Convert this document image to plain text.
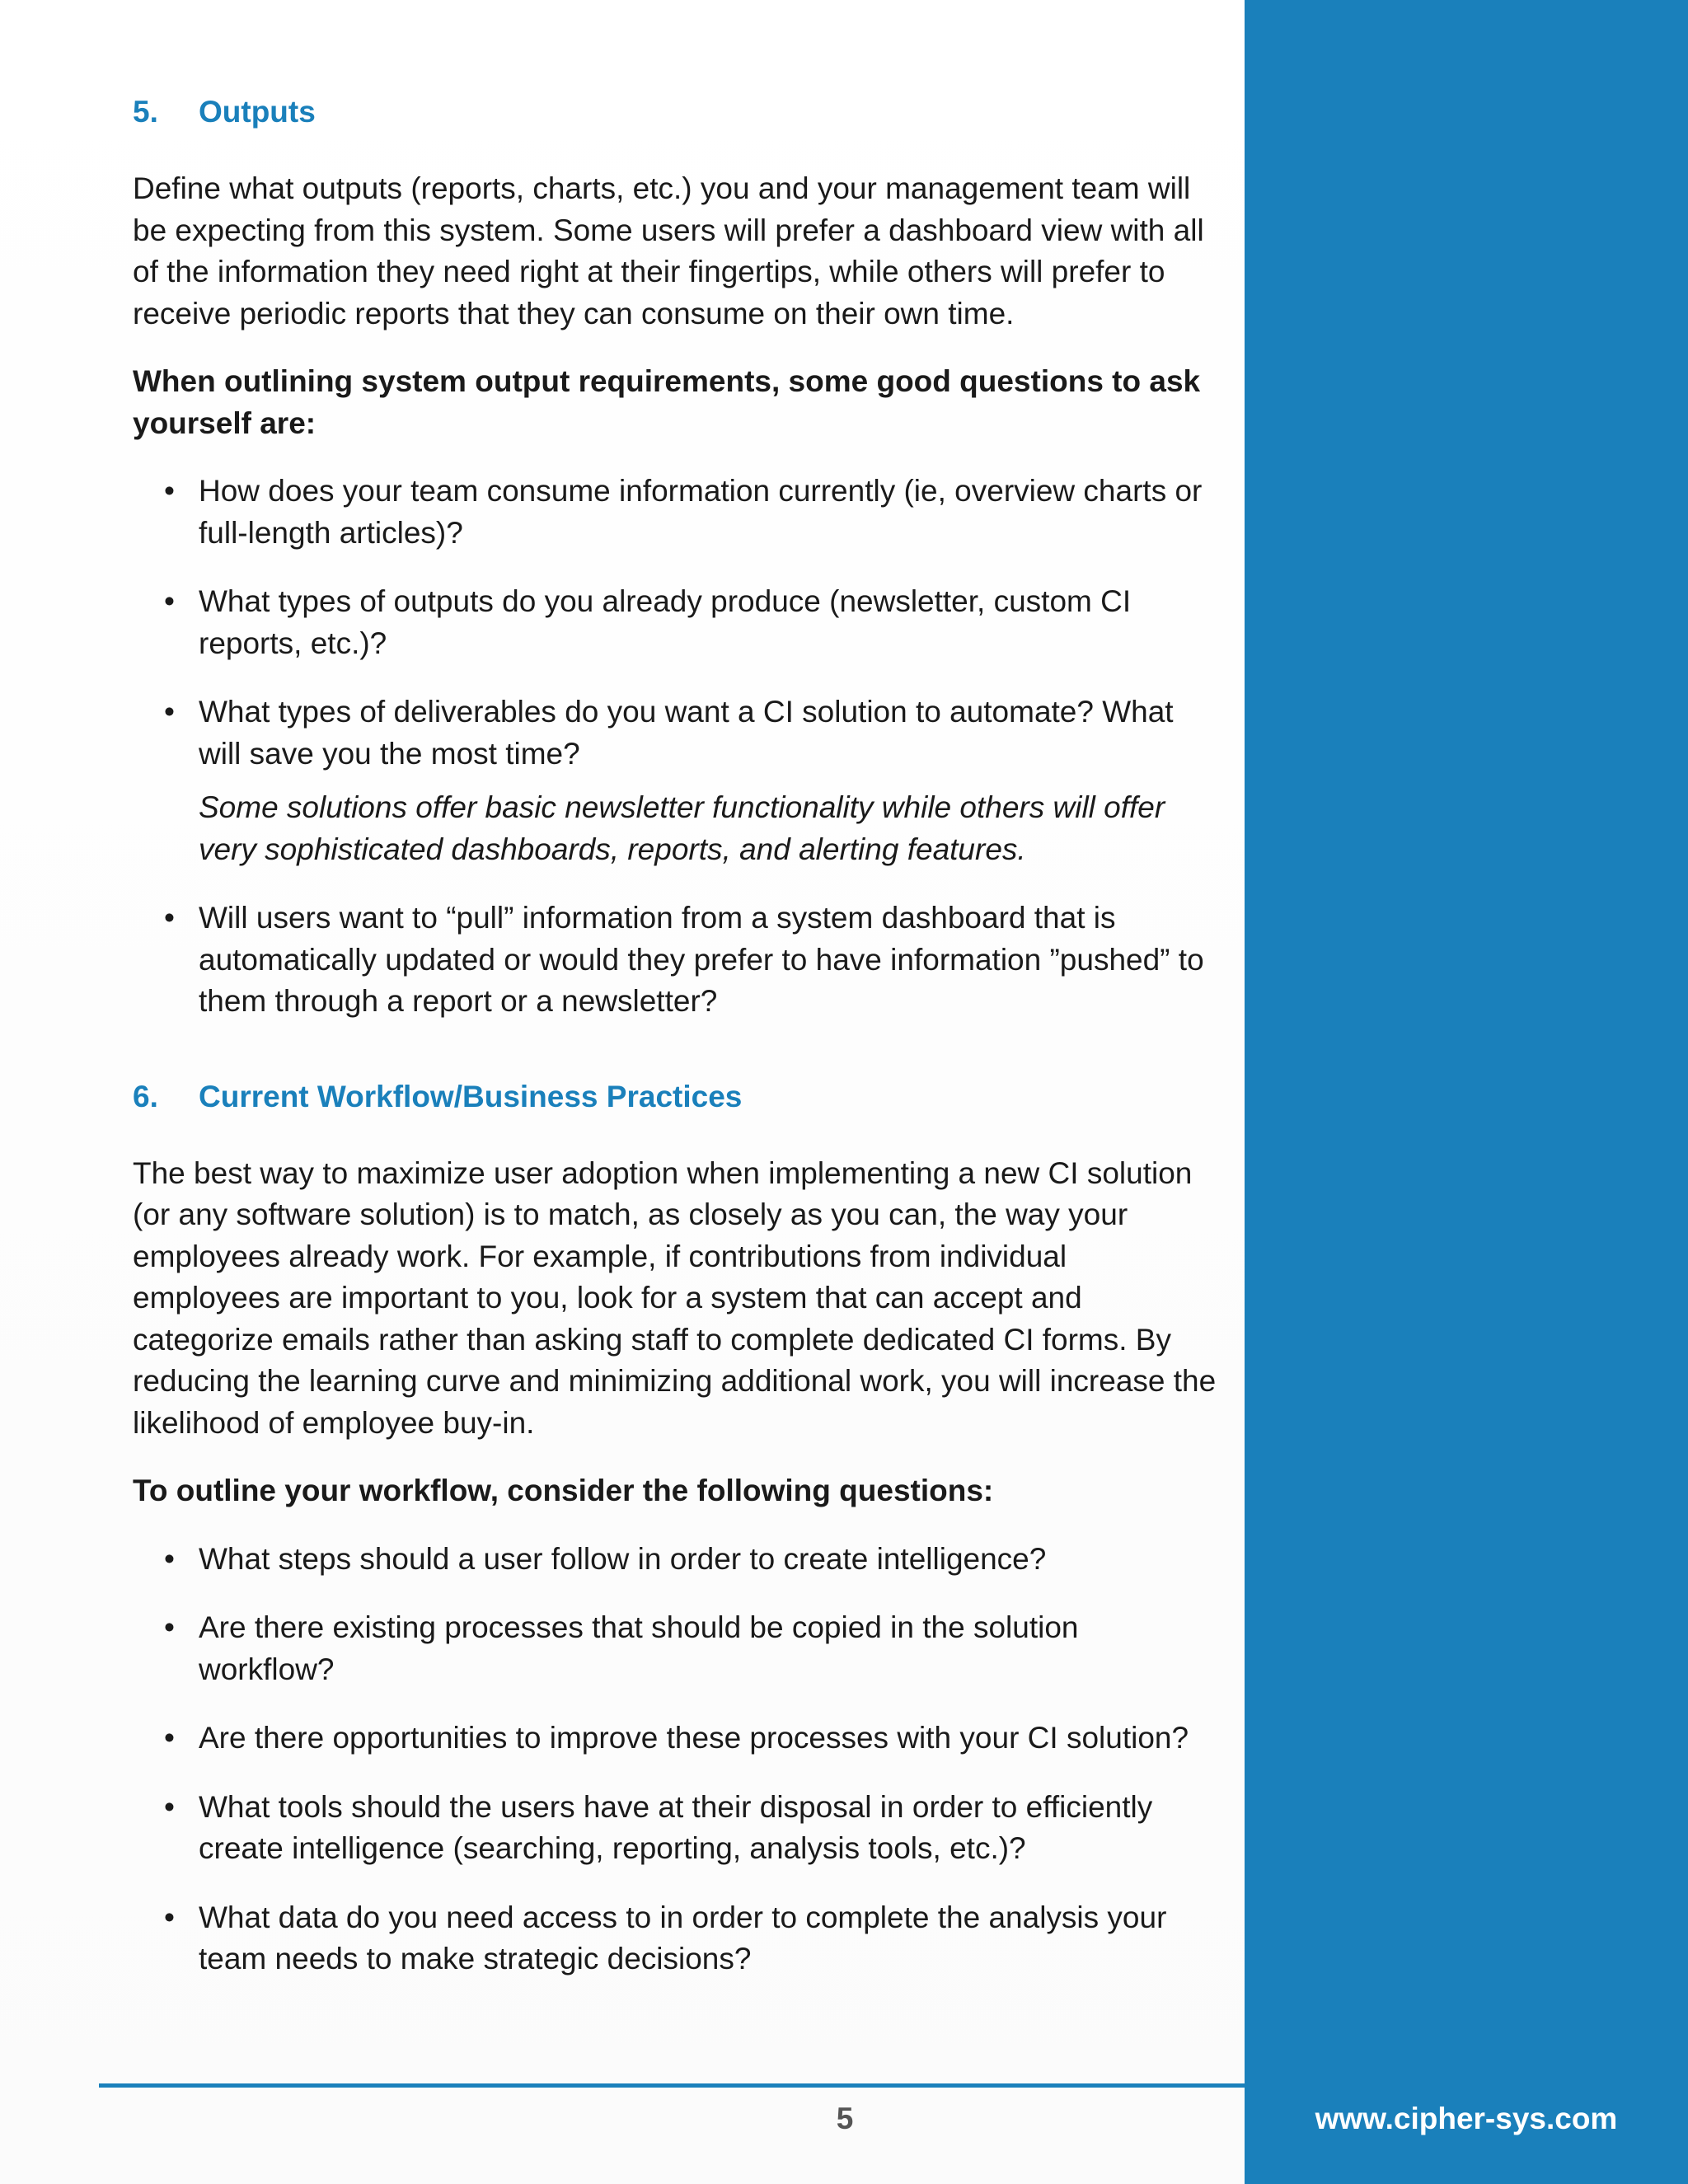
5.	Outputs

Define what outputs (reports, charts, etc.) you and your management team will be expecting from this system. Some users will prefer a dashboard view with all of the information they need right at their fingertips, while others will prefer to receive periodic reports that they can consume on their own time.

When outlining system output requirements, some good questions to ask yourself are:

• How does your team consume information currently (ie, overview charts or full-length articles)?
• What types of outputs do you already produce (newsletter, custom CI reports, etc.)?
• What types of deliverables do you want a CI solution to automate? What will save you the most time?
Some solutions offer basic newsletter functionality while others will offer very sophisticated dashboards, reports, and alerting features.
• Will users want to “pull” information from a system dashboard that is automatically updated or would they prefer to have information ”pushed” to them through a report or a newsletter?
6.	Current Workflow/Business Practices

The best way to maximize user adoption when implementing a new CI solution (or any software solution) is to match, as closely as you can, the way your employees already work. For example, if contributions from individual employees are important to you, look for a system that can accept and categorize emails rather than asking staff to complete dedicated CI forms. By reducing the learning curve and minimizing additional work, you will increase the likelihood of employee buy-in.

To outline your workflow, consider the following questions:

• What steps should a user follow in order to create intelligence?
• Are there existing processes that should be copied in the solution workflow?
• Are there opportunities to improve these processes with your CI solution?
• What tools should the users have at their disposal in order to efficiently create intelligence (searching, reporting, analysis tools, etc.)?
• What data do you need access to in order to complete the analysis your team needs to make strategic decisions?
5	www.cipher-sys.com
